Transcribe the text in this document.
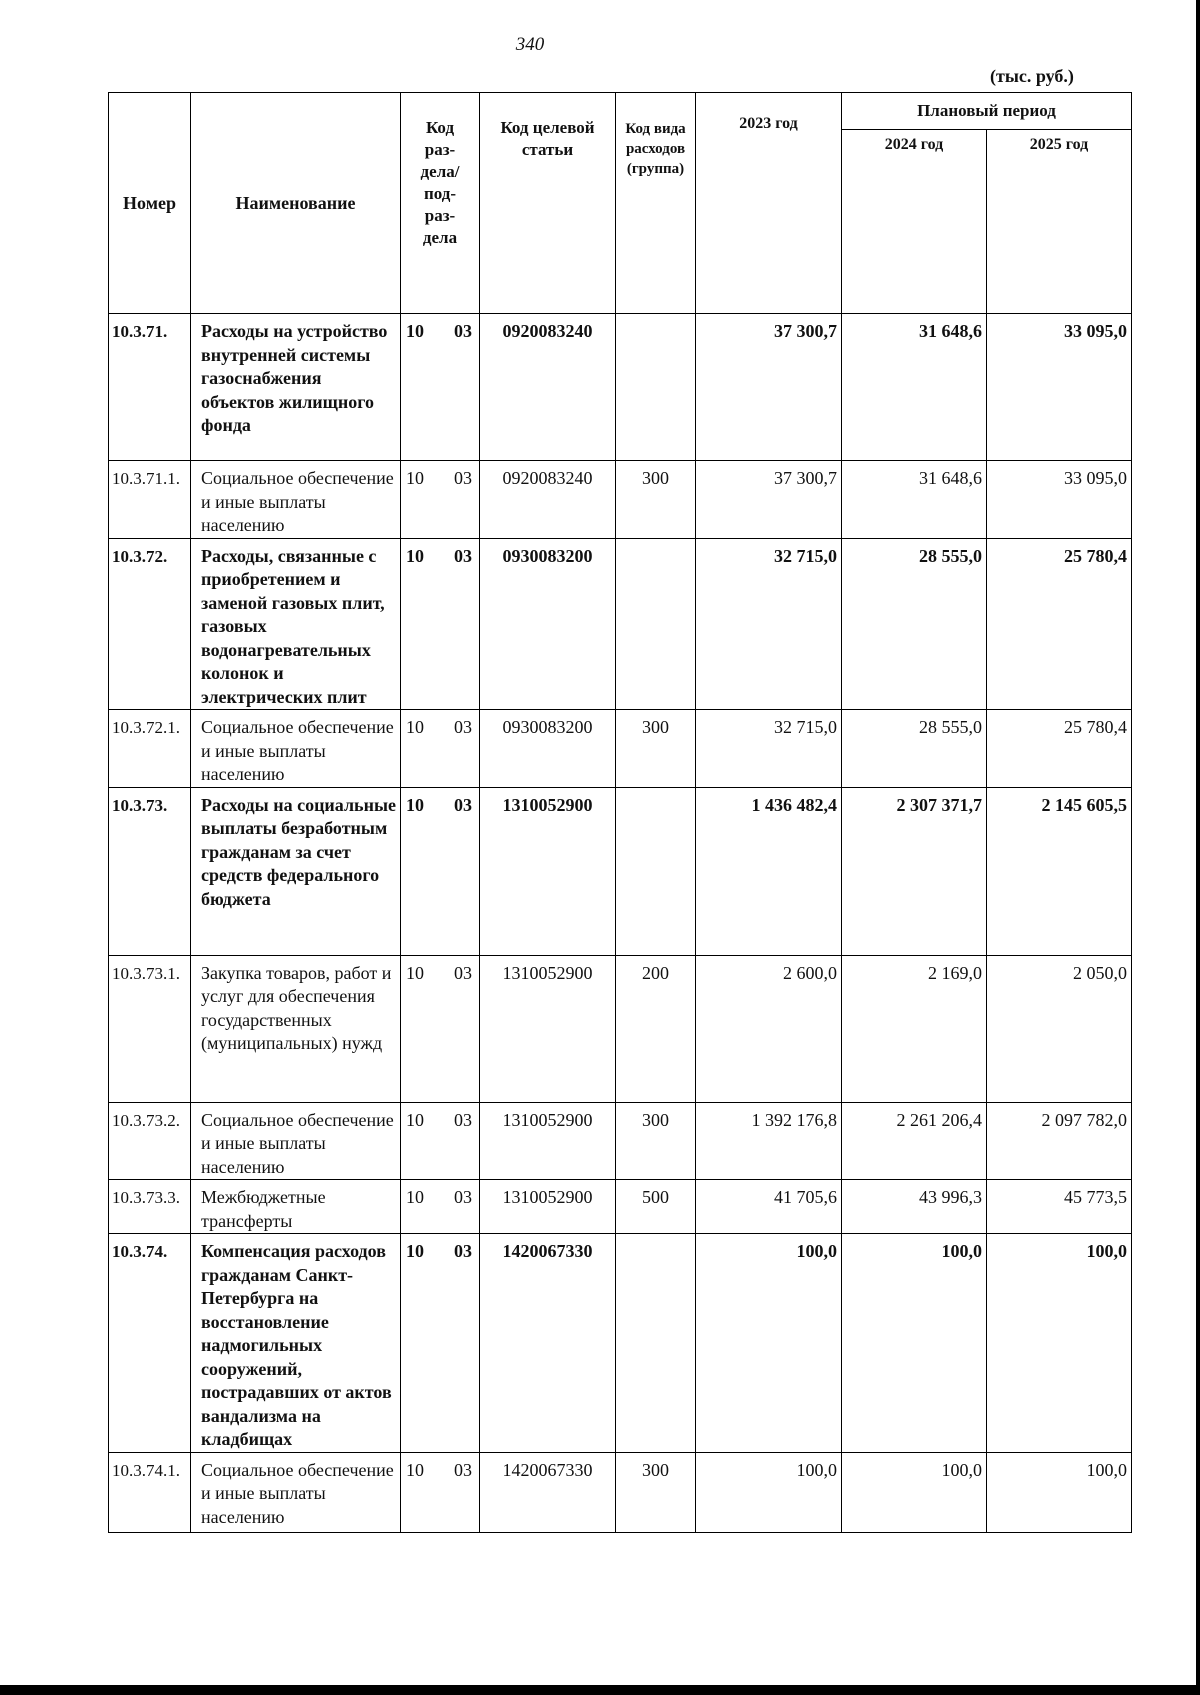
340
(тыс. руб.)
Номер	Наименование	Код раз-дела/ под-раз-дела	Код целевой статьи	Код вида расходов (группа)	2023 год	Плановый период	
						2024 год	2025 год
10.3.71.	Расходы на устройство внутренней системы газоснабжения объектов жилищного фонда	10 03	0920083240		37 300,7	31 648,6	33 095,0
10.3.71.1.	Социальное обеспечение и иные выплаты населению	10 03	0920083240	300	37 300,7	31 648,6	33 095,0
10.3.72.	Расходы, связанные с приобретением и заменой газовых плит, газовых водонагревательных колонок и электрических плит	10 03	0930083200		32 715,0	28 555,0	25 780,4
10.3.72.1.	Социальное обеспечение и иные выплаты населению	10 03	0930083200	300	32 715,0	28 555,0	25 780,4
10.3.73.	Расходы на социальные выплаты безработным гражданам за счет средств федерального бюджета	10 03	1310052900		1 436 482,4	2 307 371,7	2 145 605,5
10.3.73.1.	Закупка товаров, работ и услуг для обеспечения государственных (муниципальных) нужд	10 03	1310052900	200	2 600,0	2 169,0	2 050,0
10.3.73.2.	Социальное обеспечение и иные выплаты населению	10 03	1310052900	300	1 392 176,8	2 261 206,4	2 097 782,0
10.3.73.3.	Межбюджетные трансферты	10 03	1310052900	500	41 705,6	43 996,3	45 773,5
10.3.74.	Компенсация расходов гражданам Санкт-Петербурга на восстановление надмогильных сооружений, пострадавших от актов вандализма на кладбищах	10 03	1420067330		100,0	100,0	100,0
10.3.74.1.	Социальное обеспечение и иные выплаты населению	10 03	1420067330	300	100,0	100,0	100,0
